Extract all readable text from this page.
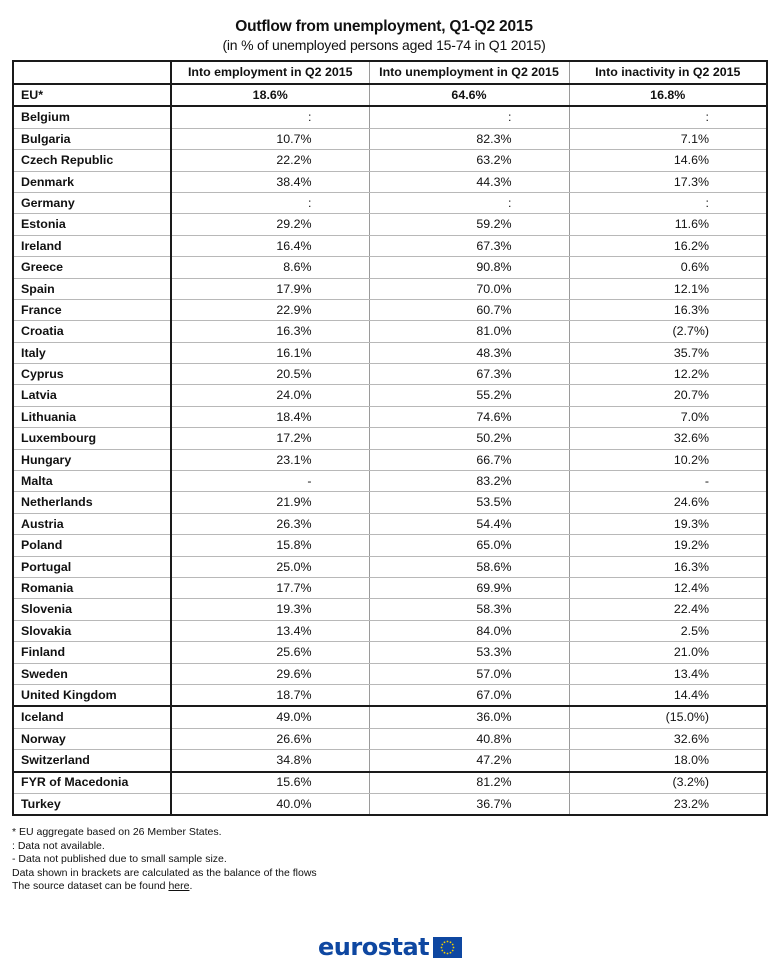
Outflow from unemployment, Q1-Q2 2015
(in % of unemployed persons aged 15-74 in Q1 2015)
	Into employment in Q2 2015	Into unemployment in Q2 2015	Into inactivity in Q2 2015
EU*	18.6%	64.6%	16.8%
Belgium	:	:	:
Bulgaria	10.7%	82.3%	7.1%
Czech Republic	22.2%	63.2%	14.6%
Denmark	38.4%	44.3%	17.3%
Germany	:	:	:
Estonia	29.2%	59.2%	11.6%
Ireland	16.4%	67.3%	16.2%
Greece	8.6%	90.8%	0.6%
Spain	17.9%	70.0%	12.1%
France	22.9%	60.7%	16.3%
Croatia	16.3%	81.0%	(2.7%)
Italy	16.1%	48.3%	35.7%
Cyprus	20.5%	67.3%	12.2%
Latvia	24.0%	55.2%	20.7%
Lithuania	18.4%	74.6%	7.0%
Luxembourg	17.2%	50.2%	32.6%
Hungary	23.1%	66.7%	10.2%
Malta	-	83.2%	-
Netherlands	21.9%	53.5%	24.6%
Austria	26.3%	54.4%	19.3%
Poland	15.8%	65.0%	19.2%
Portugal	25.0%	58.6%	16.3%
Romania	17.7%	69.9%	12.4%
Slovenia	19.3%	58.3%	22.4%
Slovakia	13.4%	84.0%	2.5%
Finland	25.6%	53.3%	21.0%
Sweden	29.6%	57.0%	13.4%
United Kingdom	18.7%	67.0%	14.4%
Iceland	49.0%	36.0%	(15.0%)
Norway	26.6%	40.8%	32.6%
Switzerland	34.8%	47.2%	18.0%
FYR of Macedonia	15.6%	81.2%	(3.2%)
Turkey	40.0%	36.7%	23.2%
* EU aggregate based on 26 Member States.
: Data not available.
- Data not published due to small sample size.
Data shown in brackets are calculated as the balance of the flows
The source dataset can be found here.
eurostat
